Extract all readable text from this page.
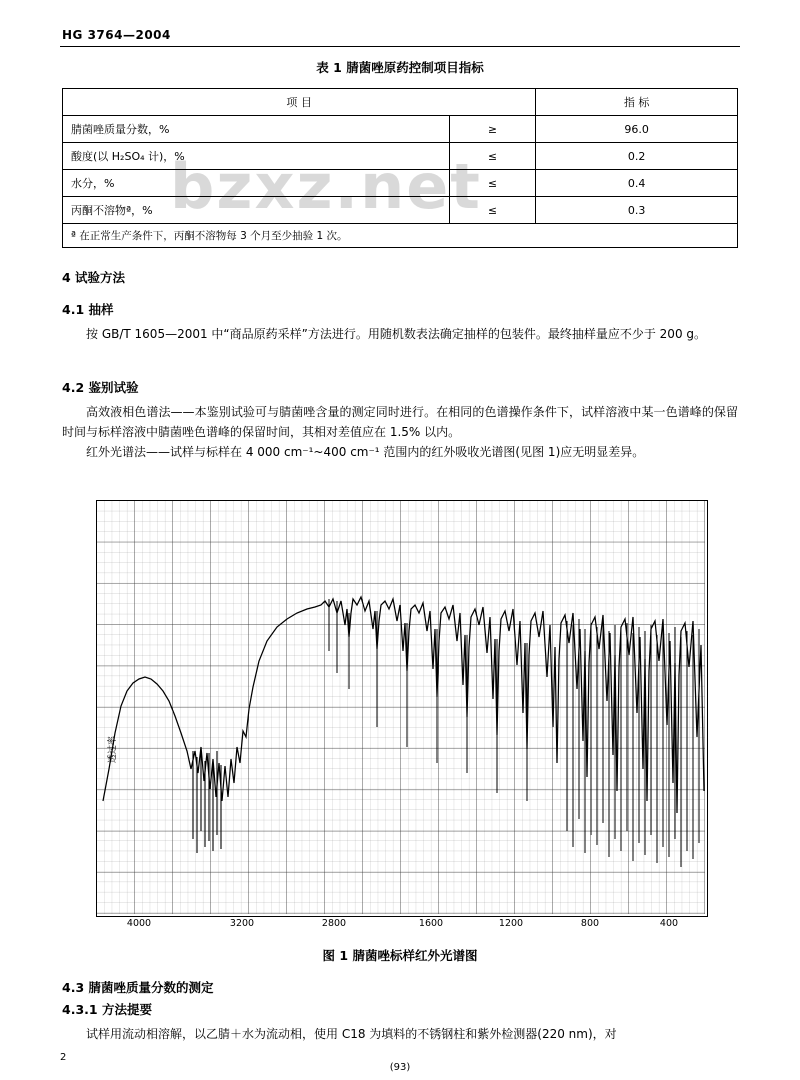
HG 3764—2004
表 1 腈菌唑原药控制项目指标
bzxz.net
项 目		指 标
腈菌唑质量分数，%	≥	96.0
酸度(以 H₂SO₄ 计)，%	≤	0.2
水分，%	≤	0.4
丙酮不溶物ª，%	≤	0.3
ª 在正常生产条件下，丙酮不溶物每 3 个月至少抽验 1 次。		
4 试验方法
4.1 抽样
按 GB/T 1605—2001 中“商品原药采样”方法进行。用随机数表法确定抽样的包装件。最终抽样量应不少于 200 g。
4.2 鉴别试验
高效液相色谱法——本鉴别试验可与腈菌唑含量的测定同时进行。在相同的色谱操作条件下，试样溶液中某一色谱峰的保留时间与标样溶液中腈菌唑色谱峰的保留时间，其相对差值应在 1.5% 以内。
红外光谱法——试样与标样在 4 000 cm⁻¹~400 cm⁻¹ 范围内的红外吸收光谱图(见图 1)应无明显差异。
透过率
4000	3200	2800	1600	1200	800	400
图 1 腈菌唑标样红外光谱图
4.3 腈菌唑质量分数的测定
4.3.1 方法提要
试样用流动相溶解，以乙腈＋水为流动相，使用 C18 为填料的不锈钢柱和紫外检测器(220 nm)，对
2
(93)
